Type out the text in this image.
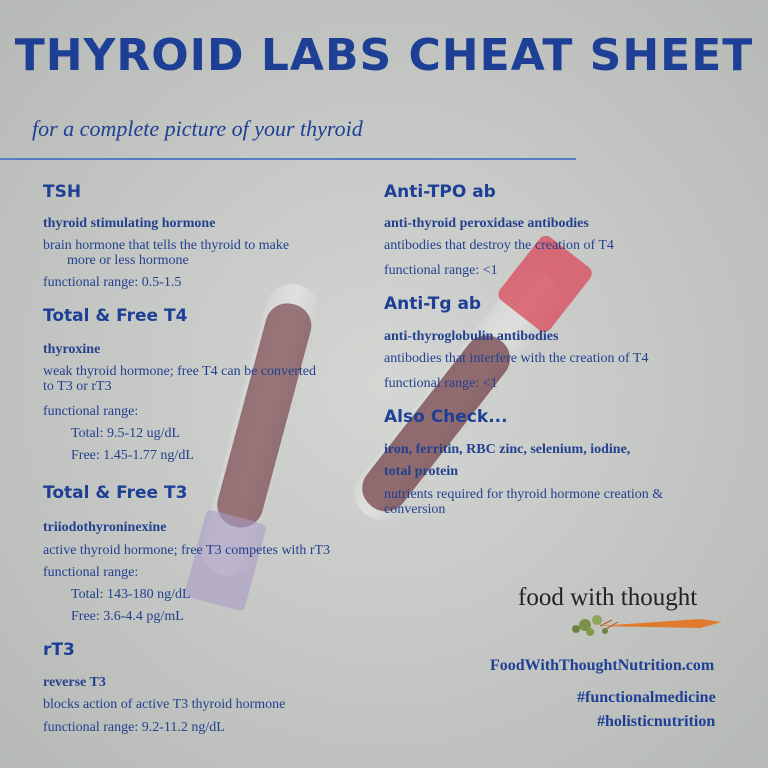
THYROID LABS CHEAT SHEET
for a complete picture of your thyroid
TSH
thyroid stimulating hormone
brain hormone that tells the thyroid to make
more or less hormone
functional range: 0.5-1.5
Total & Free T4
thyroxine
weak thyroid hormone; free T4 can be converted
to T3 or rT3
functional range:
Total: 9.5-12 ug/dL
Free: 1.45-1.77 ng/dL
Total & Free T3
triiodothyroninexine
active thyroid hormone; free T3 competes with rT3
functional range:
Total: 143-180 ng/dL
Free: 3.6-4.4 pg/mL
rT3
reverse T3
blocks action of active T3 thyroid hormone
functional range: 9.2-11.2 ng/dL
Anti-TPO ab
anti-thyroid peroxidase antibodies
antibodies that destroy the creation of T4
functional range: <1
Anti-Tg ab
anti-thyroglobulin antibodies
antibodies that interfere with the creation of T4
functional range: <1
Also Check...
iron, ferritin, RBC zinc, selenium, iodine,
total protein
nutrients required for thyroid hormone creation &
conversion
food with thought
FoodWithThoughtNutrition.com
#functionalmedicine
#holisticnutrition
